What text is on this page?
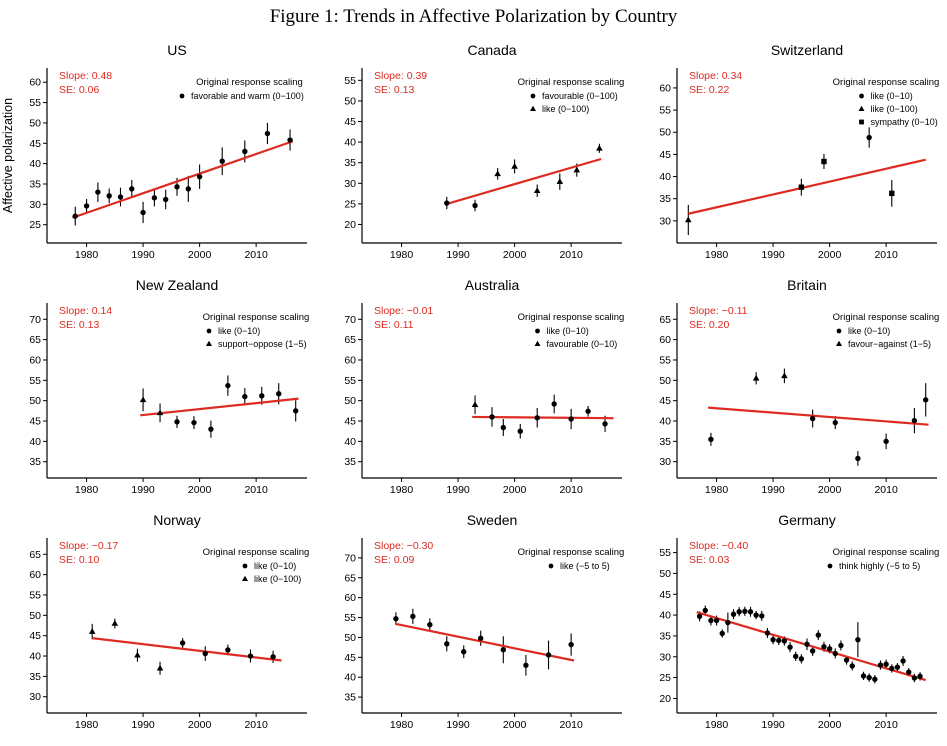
Figure 1: Trends in Affective Polarization by Country
US
25
30
35
40
45
50
55
60
1980	1990	2000	2010
Affective polarization
Slope: 0.48
SE: 0.06
Original response scaling
favorable and warm (0−100)
Canada
20
25
30
35
40
45
50
55
1980	1990	2000	2010
Slope: 0.39
SE: 0.13
Original response scaling
favourable (0−100)
like (0−100)
Switzerland
30
35
40
45
50
55
60
1980	1990	2000	2010
Slope: 0.34
SE: 0.22
Original response scaling
like (0−10)
like (0−100)
sympathy (0−10)
New Zealand
35
40
45
50
55
60
65
70
1980	1990	2000	2010
Slope: 0.14
SE: 0.13
Original response scaling
like (0−10)
support−oppose (1−5)
Australia
35
40
45
50
55
60
65
70
1980	1990	2000	2010
Slope: −0.01
SE: 0.11
Original response scaling
like (0−10)
favourable (0−10)
Britain
30
35
40
45
50
55
60
65
1980	1990	2000	2010
Slope: −0.11
SE: 0.20
Original response scaling
like (0−10)
favour−against (1−5)
Norway
30
35
40
45
50
55
60
65
1980	1990	2000	2010
Slope: −0.17
SE: 0.10
Original response scaling
like (0−10)
like (0−100)
Sweden
35
40
45
50
55
60
65
70
1980	1990	2000	2010
Slope: −0.30
SE: 0.09
Original response scaling
like (−5 to 5)
Germany
20
25
30
35
40
45
50
55
1980	1990	2000	2010
Slope: −0.40
SE: 0.03
Original response scaling
think highly (−5 to 5)
